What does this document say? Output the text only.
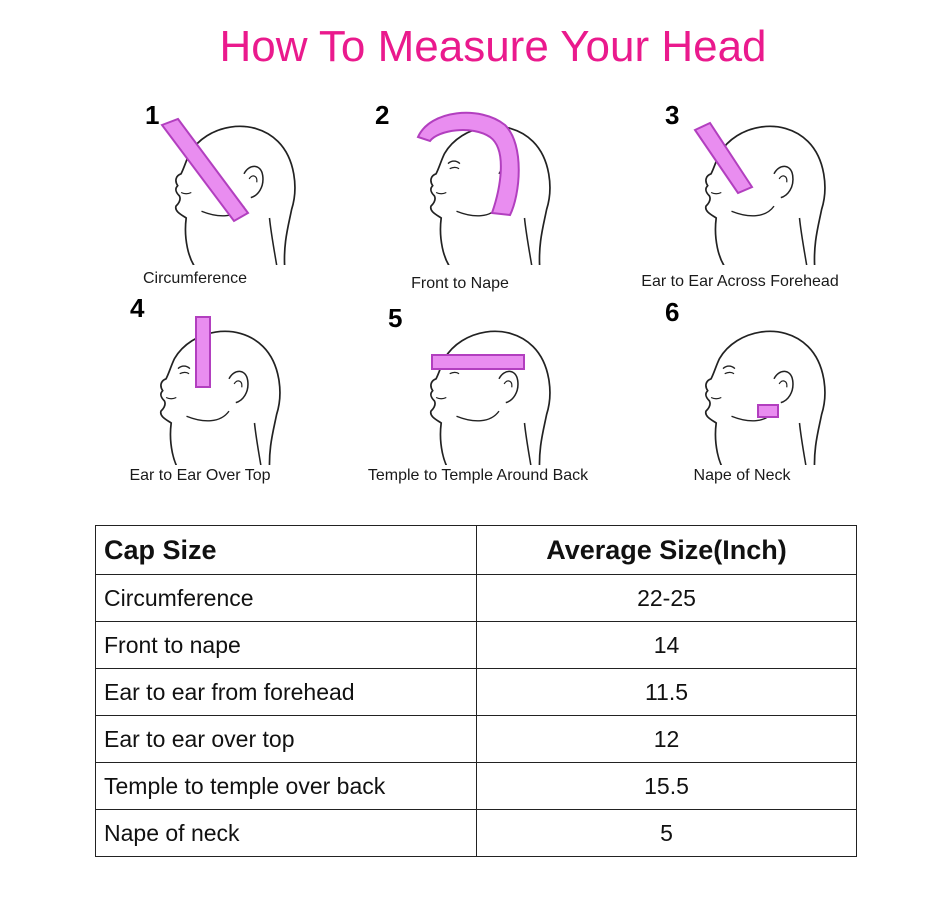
How To Measure Your Head
1
Circumference
2
Front to Nape
3
Ear to Ear Across Forehead
4
Ear to Ear Over Top
5
Temple to Temple Around Back
6
Nape of Neck
Cap Size	Average Size(Inch)
Circumference	22-25
Front to nape	14
Ear to ear from forehead	11.5
Ear to ear over top	12
Temple to temple over back	15.5
Nape of neck	5
